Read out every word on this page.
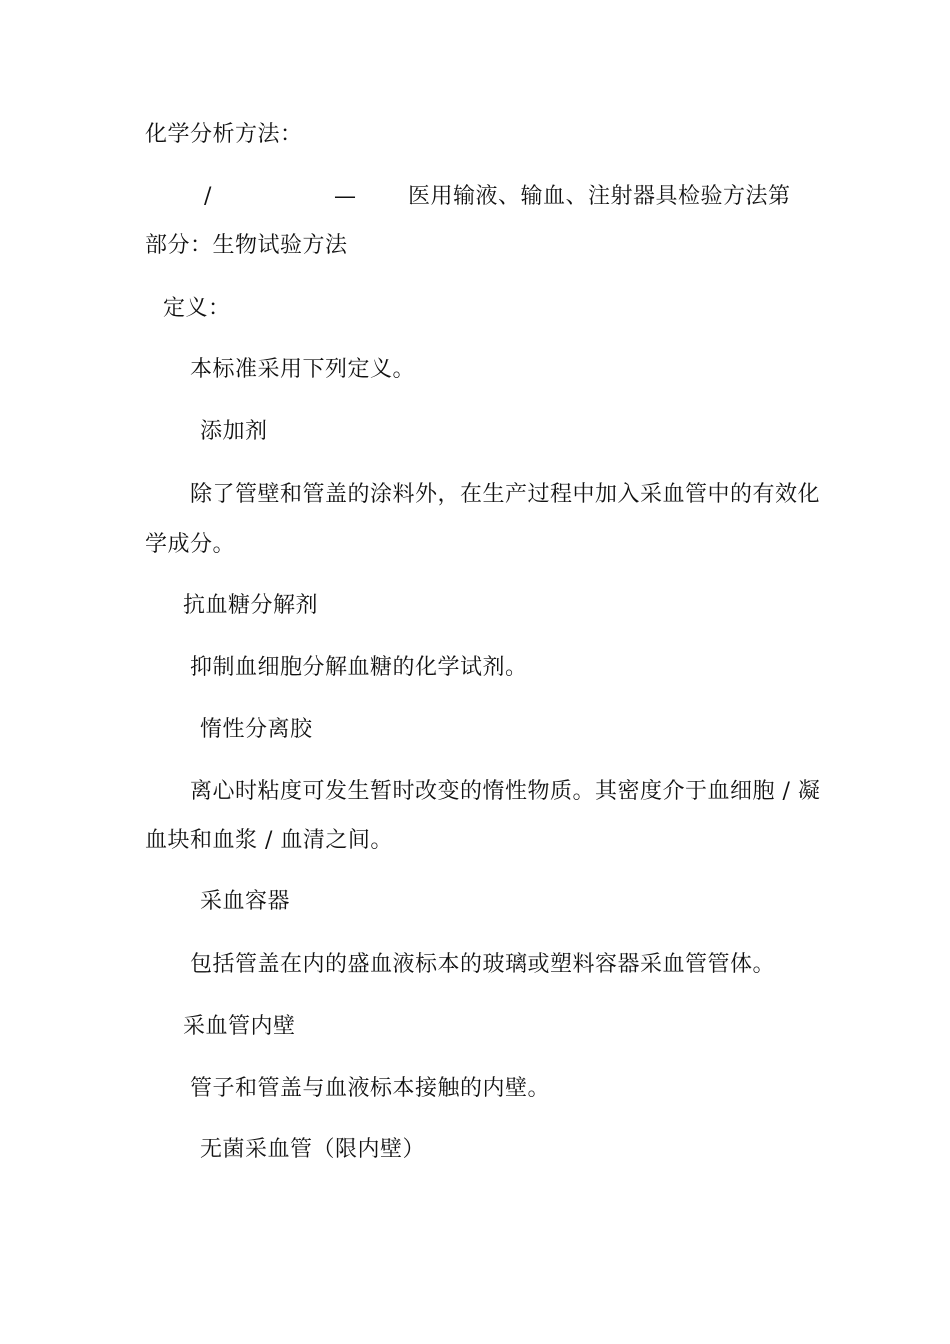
化学分析方法：
/	— 医用输液、输血、注射器具检验方法第
部分：生物试验方法
定义：
本标准采用下列定义。
添加剂
除了管壁和管盖的涂料外，在生产过程中加入采血管中的有效化
学成分。
抗血糖分解剂
抑制血细胞分解血糖的化学试剂。
惰性分离胶
离心时粘度可发生暂时改变的惰性物质。其密度介于血细胞 / 凝
血块和血浆 / 血清之间。
采血容器
包括管盖在内的盛血液标本的玻璃或塑料容器采血管管体。
采血管内壁
管子和管盖与血液标本接触的内壁。
无菌采血管（限内壁）
